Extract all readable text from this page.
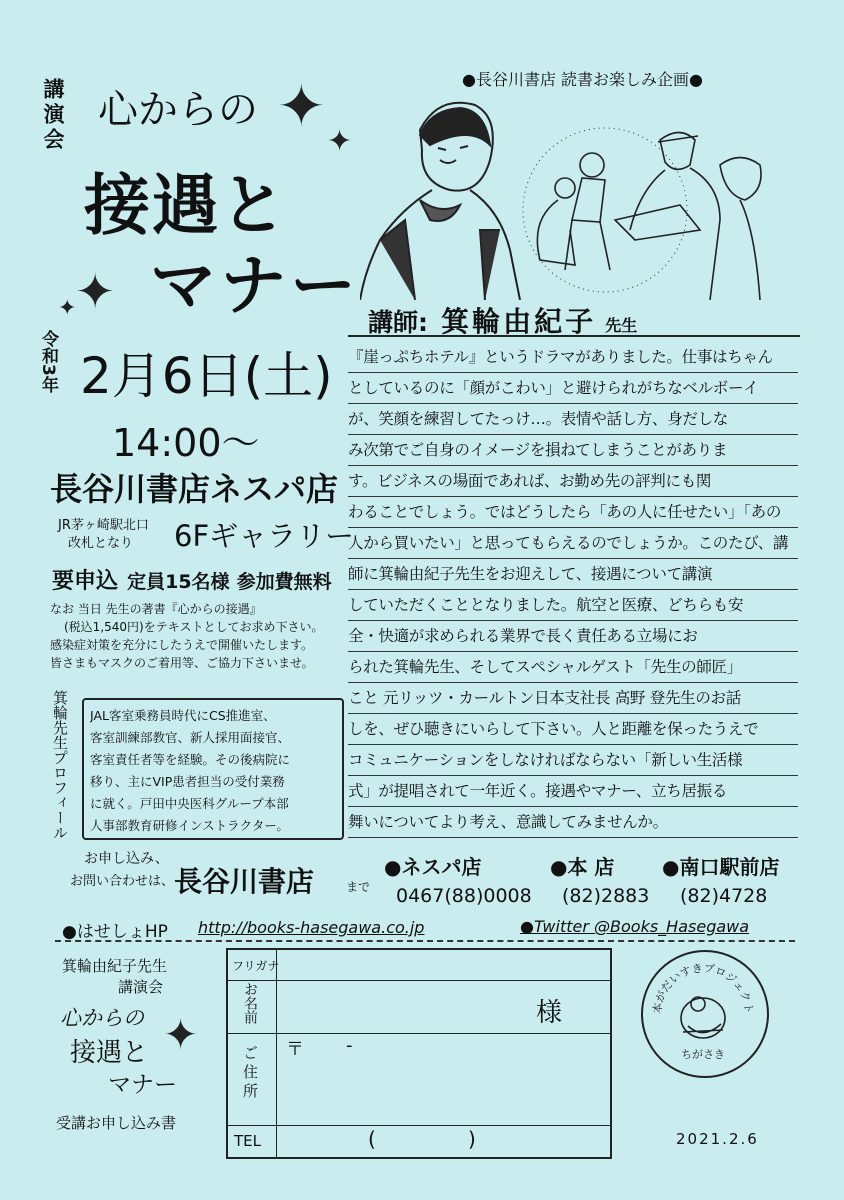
講演会 心からの
接遇と
マナー
✦
✦
✦
✦
✦
●長谷川書店 読書お楽しみ企画●
講師: 箕輪由紀子 先生
令和3年 2月6日(土)
14:00〜
長谷川書店ネスパ店
JR茅ヶ崎駅北口
改札となり 6Fギャラリー
要申込 定員15名様 参加費無料
なお 当日 先生の著書『心からの接遇』
(税込1,540円)をテキストとしてお求め下さい。
感染症対策を充分にしたうえで開催いたします。
皆さまもマスクのご着用等、ご協力下さいませ。

『崖っぷちホテル』というドラマがありました。仕事はちゃん

としているのに「顔がこわい」と避けられがちなベルボーイ

が、笑顔を練習してたっけ…。表情や話し方、身だしな

み次第でご自身のイメージを損ねてしまうことがありま

す。ビジネスの場面であれば、お勤め先の評判にも関

わることでしょう。ではどうしたら「あの人に任せたい」「あの

人から買いたい」と思ってもらえるのでしょうか。このたび、講

師に箕輪由紀子先生をお迎えして、接遇について講演

していただくこととなりました。航空と医療、どちらも安

全・快適が求められる業界で長く責任ある立場にお

られた箕輪先生、そしてスペシャルゲスト「先生の師匠」

こと 元リッツ・カールトン日本支社長 高野 登先生のお話

しを、ぜひ聴きにいらして下さい。人と距離を保ったうえで

コミュニケーションをしなければならない「新しい生活様

式」が提唱されて一年近く。接遇やマナー、立ち居振る

舞いについてより考え、意識してみませんか。

箕輪先生プロフィール JAL客室乗務員時代にCS推進室、
客室訓練部教官、新人採用面接官、
客室責任者等を経験。その後病院に
移り、主にVIP患者担当の受付業務
に就く。戸田中央医科グループ本部
人事部教育研修インストラクター。
お申し込み、
お問い合わせは、 長谷川書店	まで
●ネスパ店	●本 店 ●南口駅前店
0467(88)0008 (82)2883 (82)4728
●はせしょHP http://books-hasegawa.co.jp	●Twitter @Books_Hasegawa
箕輪由紀子先生
講演会
心からの
接遇と
マナー
受講お申し込み書
フリガナ
お名前	様
ご住所 〒 -
TEL	(	)
本がだいすきプロジェクト
ちがさき
2021.2.6
